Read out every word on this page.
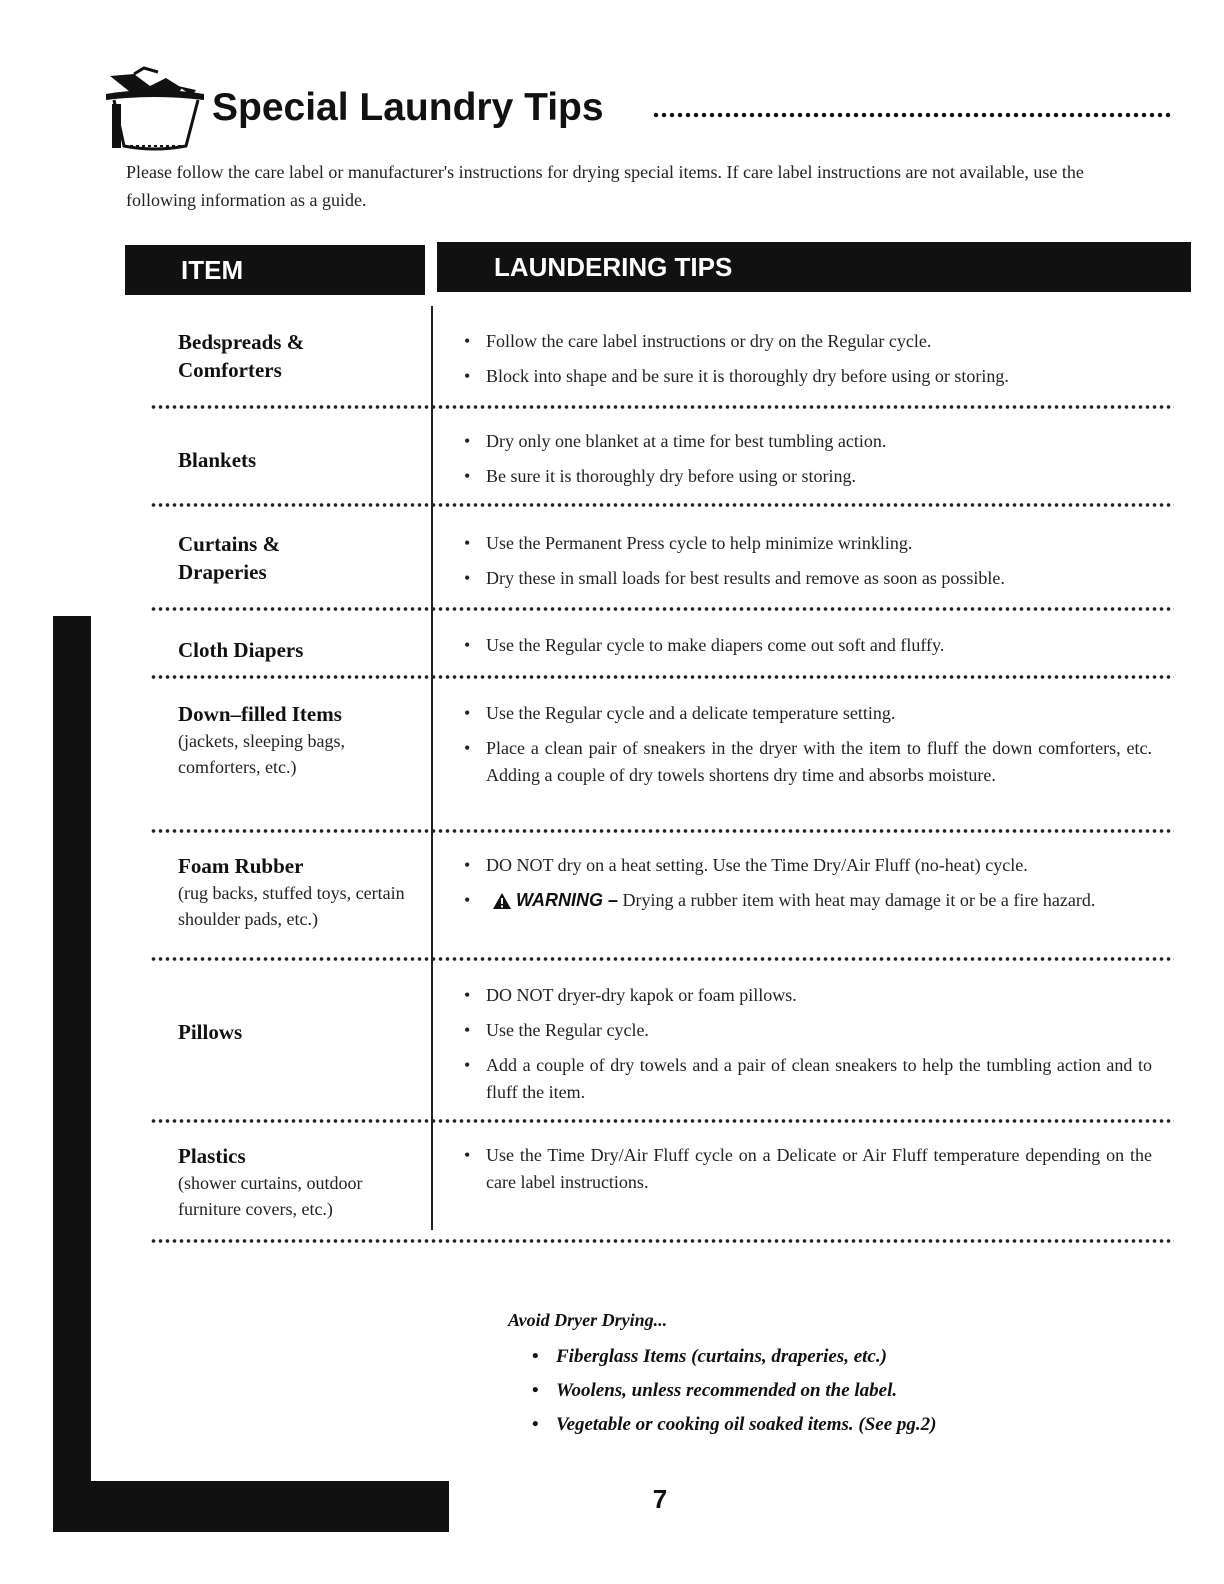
Special Laundry Tips
Please follow the care label or manufacturer's instructions for drying special items. If care label instructions are not available, use the following information as a guide.
ITEM	LAUNDERING TIPS
Bedspreads & Comforters
• Follow the care label instructions or dry on the Regular cycle.
• Block into shape and be sure it is thoroughly dry before using or storing.
Blankets
• Dry only one blanket at a time for best tumbling action.
• Be sure it is thoroughly dry before using or storing.
Curtains & Draperies
• Use the Permanent Press cycle to help minimize wrinkling.
• Dry these in small loads for best results and remove as soon as possible.
Cloth Diapers
•	Use the Regular cycle to make diapers come out soft and fluffy.
Down–filled Items
(jackets, sleeping bags, comforters, etc.)
• Use the Regular cycle and a delicate temperature setting.
• Place a clean pair of sneakers in the dryer with the item to fluff the down comforters, etc. Adding a couple of dry towels shortens dry time and absorbs moisture.
Foam Rubber
(rug backs, stuffed toys, certain shoulder pads, etc.)
• DO NOT dry on a heat setting. Use the Time Dry/Air Fluff (no-heat) cycle.
• WARNING – Drying a rubber item with heat may damage it or be a fire hazard.
Pillows
• DO NOT dryer-dry kapok or foam pillows.
• Use the Regular cycle.
• Add a couple of dry towels and a pair of clean sneakers to help the tumbling action and to fluff the item.
Plastics
(shower curtains, outdoor furniture covers, etc.)
• Use the Time Dry/Air Fluff cycle on a Delicate or Air Fluff temperature depending on the care label instructions.
Avoid Dryer Drying...
• Fiberglass Items (curtains, draperies, etc.)
• Woolens, unless recommended on the label.
• Vegetable or cooking oil soaked items. (See pg.2)
7
